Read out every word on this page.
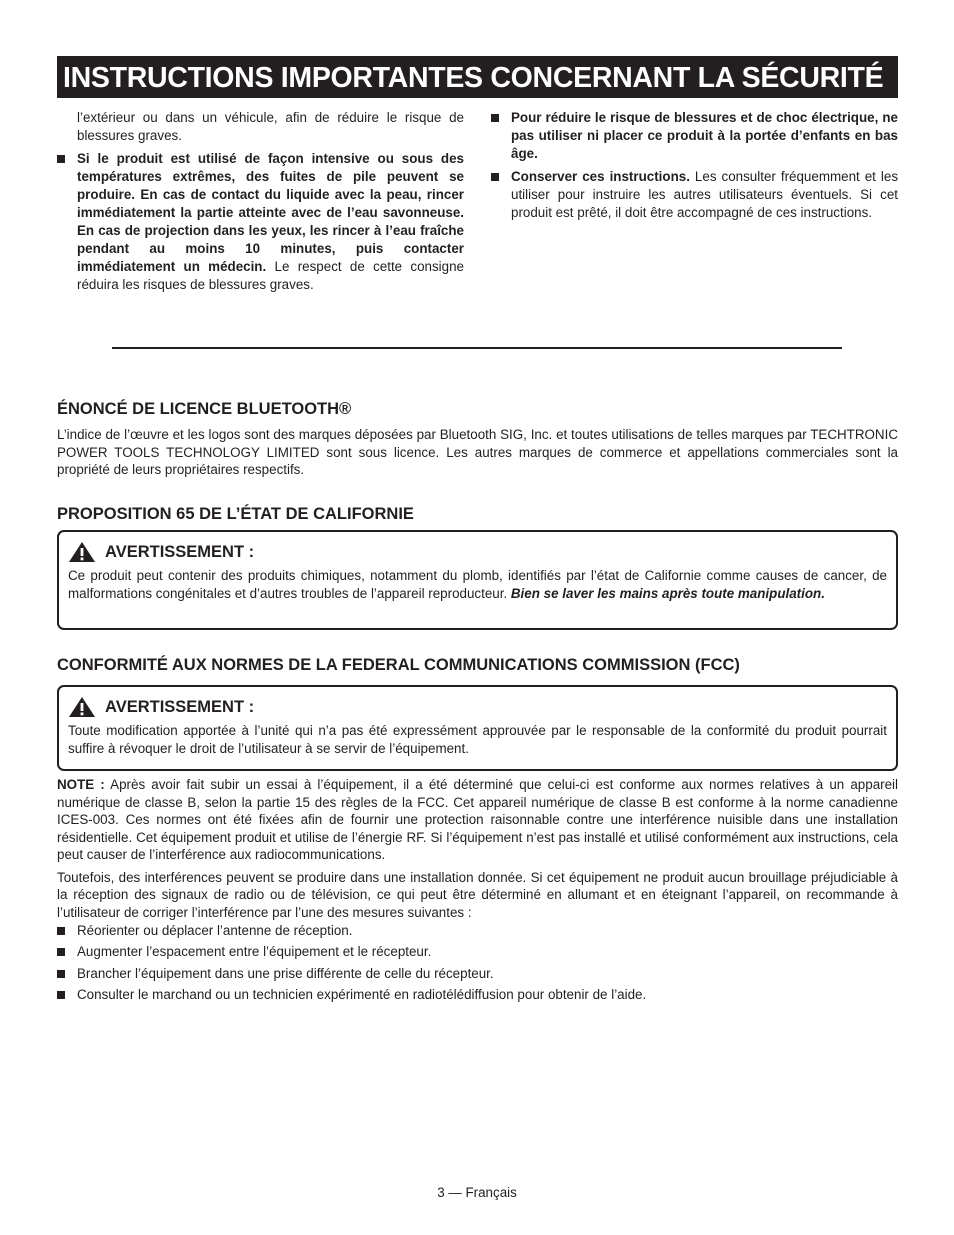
INSTRUCTIONS IMPORTANTES CONCERNANT LA SÉCURITÉ

l’extérieur ou dans un véhicule, afin de réduire le risque de blessures graves.

Si le produit est utilisé de façon intensive ou sous des températures extrêmes, des fuites de pile peuvent se produire. En cas de contact du liquide avec la peau, rincer immédiatement la partie atteinte avec de l’eau savonneuse. En cas de projection dans les yeux, les rincer à l’eau fraîche pendant au moins 10 minutes, puis contacter immédiatement un médecin. Le respect de cette consigne réduira les risques de blessures graves.
Pour réduire le risque de blessures et de choc électrique, ne pas utiliser ni placer ce produit à la portée d’enfants en bas âge.
Conserver ces instructions. Les consulter fréquemment et les utiliser pour instruire les autres utilisateurs éventuels. Si cet produit est prêté, il doit être accompagné de ces instructions.
ÉNONCÉ DE LICENCE BLUETOOTH®

L’indice de l’œuvre et les logos sont des marques déposées par Bluetooth SIG, Inc. et toutes utilisations de telles marques par TECHTRONIC POWER TOOLS TECHNOLOGY LIMITED sont sous licence. Les autres marques de commerce et appellations commerciales sont la propriété de leurs propriétaires respectifs.

PROPOSITION 65 DE L’ÉTAT DE CALIFORNIE
AVERTISSEMENT :
Ce produit peut contenir des produits chimiques, notamment du plomb, identifiés par l’état de Californie comme causes de cancer, de malformations congénitales et d’autres troubles de l’appareil reproducteur. Bien se laver les mains après toute manipulation.
CONFORMITÉ AUX NORMES DE LA FEDERAL COMMUNICATIONS COMMISSION (FCC)
AVERTISSEMENT :
Toute modification apportée à l’unité qui n’a pas été expressément approuvée par le responsable de la conformité du produit pourrait suffire à révoquer le droit de l’utilisateur à se servir de l’équipement.

NOTE : Après avoir fait subir un essai à l’équipement, il a été déterminé que celui-ci est conforme aux normes relatives à un appareil numérique de classe B, selon la partie 15 des règles de la FCC. Cet appareil numérique de classe B est conforme à la norme canadienne ICES-003. Ces normes ont été fixées afin de fournir une protection raisonnable contre une interférence nuisible dans une installation résidentielle. Cet équipement produit et utilise de l’énergie RF. Si l’équipement n’est pas installé et utilisé conformément aux instructions, cela peut causer de l’interférence aux radiocommunications.

Toutefois, des interférences peuvent se produire dans une installation donnée. Si cet équipement ne produit aucun brouillage préjudiciable à la réception des signaux de radio ou de télévision, ce qui peut être déterminé en allumant et en éteignant l’appareil, on recommande à l’utilisateur de corriger l’interférence par l’une des mesures suivantes :

Réorienter ou déplacer l’antenne de réception.
Augmenter l’espacement entre l’équipement et le récepteur.
Brancher l’équipement dans une prise différente de celle du récepteur.
Consulter le marchand ou un technicien expérimenté en radiotélédiffusion pour obtenir de l’aide.
3 — Français
